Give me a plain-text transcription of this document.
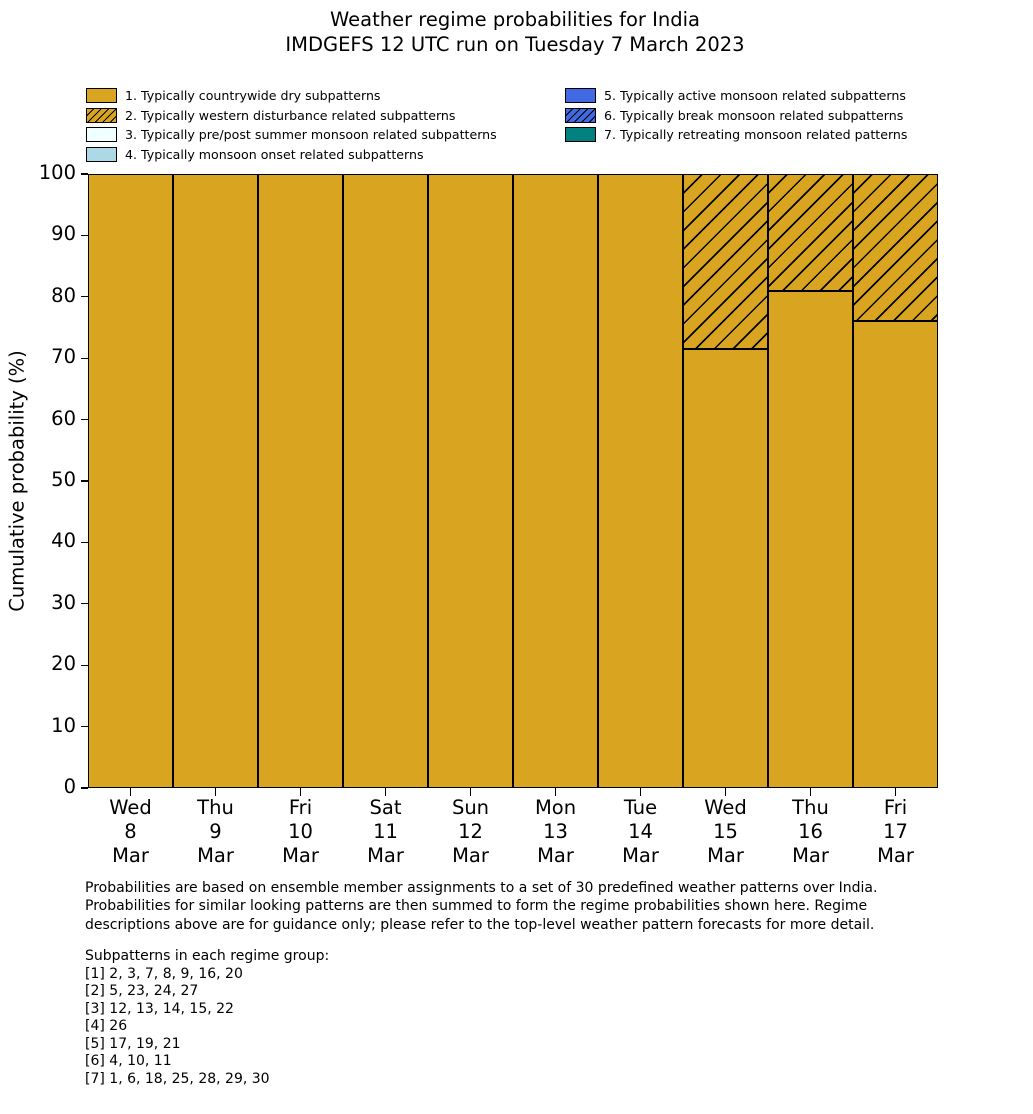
Weather regime probabilities for India
IMDGEFS 12 UTC run on Tuesday 7 March 2023
1. Typically countrywide dry subpatterns
2. Typically western disturbance related subpatterns
3. Typically pre/post summer monsoon related subpatterns
4. Typically monsoon onset related subpatterns
5. Typically active monsoon related subpatterns
6. Typically break monsoon related subpatterns
7. Typically retreating monsoon related patterns
Cumulative probability (%)
0
10
20
30
40
50
60
70
80
90
100
Wed
8
Mar
Thu
9
Mar
Fri
10
Mar
Sat
11
Mar
Sun
12
Mar
Mon
13
Mar
Tue
14
Mar
Wed
15
Mar
Thu
16
Mar
Fri
17
Mar
Probabilities are based on ensemble member assignments to a set of 30 predefined weather patterns over India.
Probabilities for similar looking patterns are then summed to form the regime probabilities shown here. Regime
descriptions above are for guidance only; please refer to the top-level weather pattern forecasts for more detail.
Subpatterns in each regime group:
[1] 2, 3, 7, 8, 9, 16, 20
[2] 5, 23, 24, 27
[3] 12, 13, 14, 15, 22
[4] 26
[5] 17, 19, 21
[6] 4, 10, 11
[7] 1, 6, 18, 25, 28, 29, 30
